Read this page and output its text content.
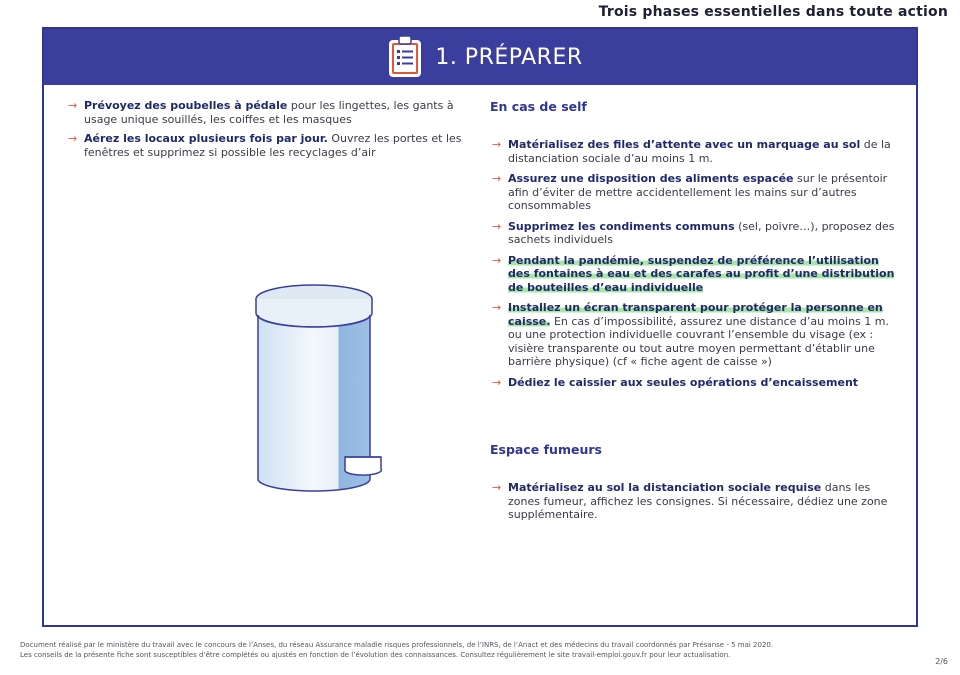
Trois phases essentielles dans toute action
1. PRÉPARER
→ Prévoyez des poubelles à pédale pour les lingettes, les gants à usage unique souillés, les coiffes et les masques
→ Aérez les locaux plusieurs fois par jour. Ouvrez les portes et les fenêtres et supprimez si possible les recyclages d’air
En cas de self
→ Matérialisez des files d’attente avec un marquage au sol de la distanciation sociale d’au moins 1 m.
→ Assurez une disposition des aliments espacée sur le présentoir afin d’éviter de mettre accidentellement les mains sur d’autres consommables
→ Supprimez les condiments communs (sel, poivre…), proposez des sachets individuels
→ Pendant la pandémie, suspendez de préférence l’utilisation des fontaines à eau et des carafes au profit d’une distribution de bouteilles d’eau individuelle
→ Installez un écran transparent pour protéger la personne en caisse. En cas d’impossibilité, assurez une distance d’au moins 1 m. ou une protection individuelle couvrant l’ensemble du visage (ex : visière transparente ou tout autre moyen permettant d’établir une barrière physique) (cf « fiche agent de caisse »)
→ Dédiez le caissier aux seules opérations d’encaissement
Espace fumeurs
→ Matérialisez au sol la distanciation sociale requise dans les zones fumeur, affichez les consignes. Si nécessaire, dédiez une zone supplémentaire.
Document réalisé par le ministère du travail avec le concours de l’Anses, du réseau Assurance maladie risques professionnels, de l’INRS, de l’Anact et des médecins du travail coordonnés par Présanse - 5 mai 2020.
Les conseils de la présente fiche sont susceptibles d’être complétés ou ajustés en fonction de l’évolution des connaissances. Consultez régulièrement le site travail-emploi.gouv.fr pour leur actualisation.
2/6
